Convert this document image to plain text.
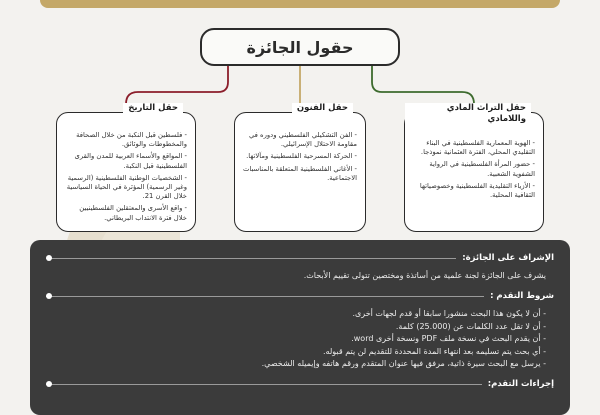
حقول الجائزة
حقل التاريخ
- فلسطين قبل النكبة من خلال الصحافة والمخطوطات والوثائق.
- المواقع والأسماء العربية للمدن والقرى الفلسطينية قبل النكبة.
- الشخصيات الوطنية الفلسطينية (الرسمية وغير الرسمية) المؤثرة في الحياة السياسية خلال القرن 21.
- واقع الأسرى والمعتقلين الفلسطينيين خلال فترة الانتداب البريطاني.
حقل الفنون
- الفن التشكيلي الفلسطيني ودوره في مقاومة الاحتلال الإسرائيلي.
- الحركة المسرحية الفلسطينية ومآلاتها.
- الأغاني الفلسطينية المتعلقة بالمناسبات الاجتماعية.
حقل التراث المادي واللامادي
- الهوية المعمارية الفلسطينية في البناء التقليدي المحلي، الفترة العثمانية نموذجا.
- حضور المرأة الفلسطينية في الرواية الشفوية الشعبية.
- الأزياء التقليدية الفلسطينية وخصوصياتها الثقافية المحلية.
الإشراف على الجائزة:

يشرف على الجائزة لجنة علمية من أساتذة ومختصين تتولى تقييم الأبحاث.

شروط التقدم :

- أن لا يكون هذا البحث منشورا سابقا أو قدم لجهات أخرى.

- أن لا تقل عدد الكلمات عن (25.000) كلمة.

- أن يقدم البحث في نسخة ملف PDF ونسخة أخرى word.

- أي بحث يتم تسليمه بعد انتهاء المدة المحددة للتقديم لن يتم قبوله.

- يرسل مع البحث سيرة ذاتية، مرفق فيها عنوان المتقدم ورقم هاتفه وإيميله الشخصي.

إجراءات التقدم:
